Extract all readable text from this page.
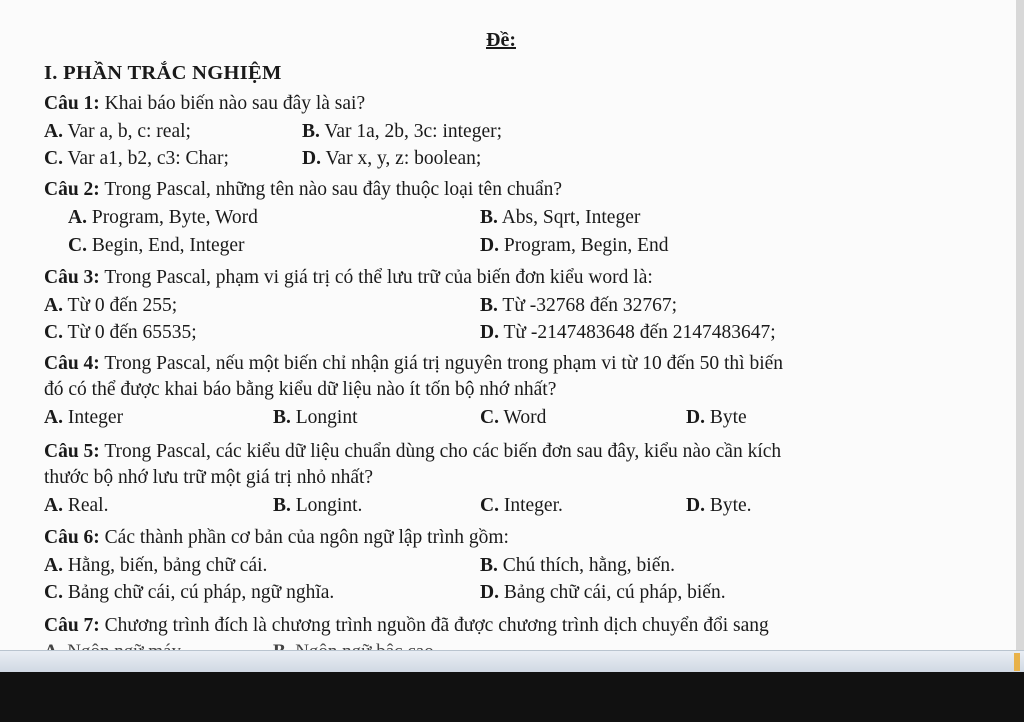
Đề:
I. PHẦN TRẮC NGHIỆM
Câu 1: Khai báo biến nào sau đây là sai?
A. Var a, b, c: real;	B. Var 1a, 2b, 3c: integer;
C. Var a1, b2, c3: Char;	D. Var x, y, z: boolean;
Câu 2: Trong Pascal, những tên nào sau đây thuộc loại tên chuẩn?
A. Program, Byte, Word	B. Abs, Sqrt, Integer
C. Begin, End, Integer	D. Program, Begin, End
Câu 3: Trong Pascal, phạm vi giá trị có thể lưu trữ của biến đơn kiểu word là:
A. Từ 0 đến 255;	B. Từ -32768 đến 32767;
C. Từ 0 đến 65535;	D. Từ -2147483648 đến 2147483647;
Câu 4: Trong Pascal, nếu một biến chỉ nhận giá trị nguyên trong phạm vi từ 10 đến 50 thì biến
đó có thể được khai báo bằng kiểu dữ liệu nào ít tốn bộ nhớ nhất?
A. Integer	B. Longint	C. Word	D. Byte
Câu 5: Trong Pascal, các kiểu dữ liệu chuẩn dùng cho các biến đơn sau đây, kiểu nào cần kích
thước bộ nhớ lưu trữ một giá trị nhỏ nhất?
A. Real.	B. Longint.	C. Integer.	D. Byte.
Câu 6: Các thành phần cơ bản của ngôn ngữ lập trình gồm:
A. Hằng, biến, bảng chữ cái.	B. Chú thích, hằng, biến.
C. Bảng chữ cái, cú pháp, ngữ nghĩa.	D. Bảng chữ cái, cú pháp, biến.
Câu 7: Chương trình đích là chương trình nguồn đã được chương trình dịch chuyển đổi sang
